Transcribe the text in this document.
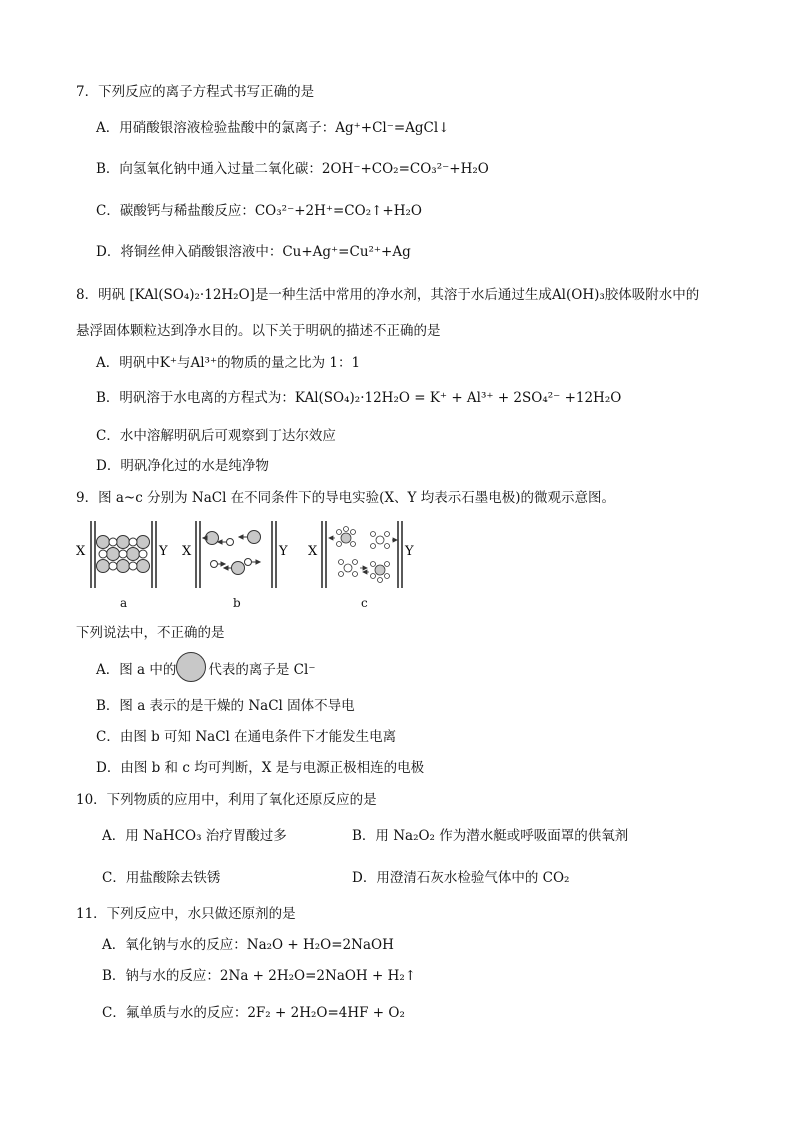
7．下列反应的离子方程式书写正确的是
A．用硝酸银溶液检验盐酸中的氯离子：Ag⁺+Cl⁻=AgCl↓
B．向氢氧化钠中通入过量二氧化碳：2OH⁻+CO₂=CO₃²⁻+H₂O
C．碳酸钙与稀盐酸反应：CO₃²⁻+2H⁺=CO₂↑+H₂O
D．将铜丝伸入硝酸银溶液中：Cu+Ag⁺=Cu²⁺+Ag
8．明矾 [KAl(SO₄)₂·12H₂O]是一种生活中常用的净水剂，其溶于水后通过生成Al(OH)₃胶体吸附水中的
悬浮固体颗粒达到净水目的。以下关于明矾的描述不正确的是
A．明矾中K⁺与Al³⁺的物质的量之比为 1：1
B．明矾溶于水电离的方程式为：KAl(SO₄)₂·12H₂O = K⁺ + Al³⁺ + 2SO₄²⁻ +12H₂O
C．水中溶解明矾后可观察到丁达尔效应
D．明矾净化过的水是纯净物
9．图 a~c 分别为 NaCl 在不同条件下的导电实验(X、Y 均表示石墨电极)的微观示意图。
X	Y
a
X	Y
b
X	Y
c
下列说法中，不正确的是
A．图 a 中的 代表的离子是 Cl⁻
B．图 a 表示的是干燥的 NaCl 固体不导电
C．由图 b 可知 NaCl 在通电条件下才能发生电离
D．由图 b 和 c 均可判断，X 是与电源正极相连的电极
10．下列物质的应用中，利用了氧化还原反应的是
A．用 NaHCO₃ 治疗胃酸过多	B．用 Na₂O₂ 作为潜水艇或呼吸面罩的供氧剂
C．用盐酸除去铁锈	D．用澄清石灰水检验气体中的 CO₂
11．下列反应中，水只做还原剂的是
A．氧化钠与水的反应：Na₂O + H₂O=2NaOH
B．钠与水的反应：2Na + 2H₂O=2NaOH + H₂↑
C．氟单质与水的反应：2F₂ + 2H₂O=4HF + O₂
